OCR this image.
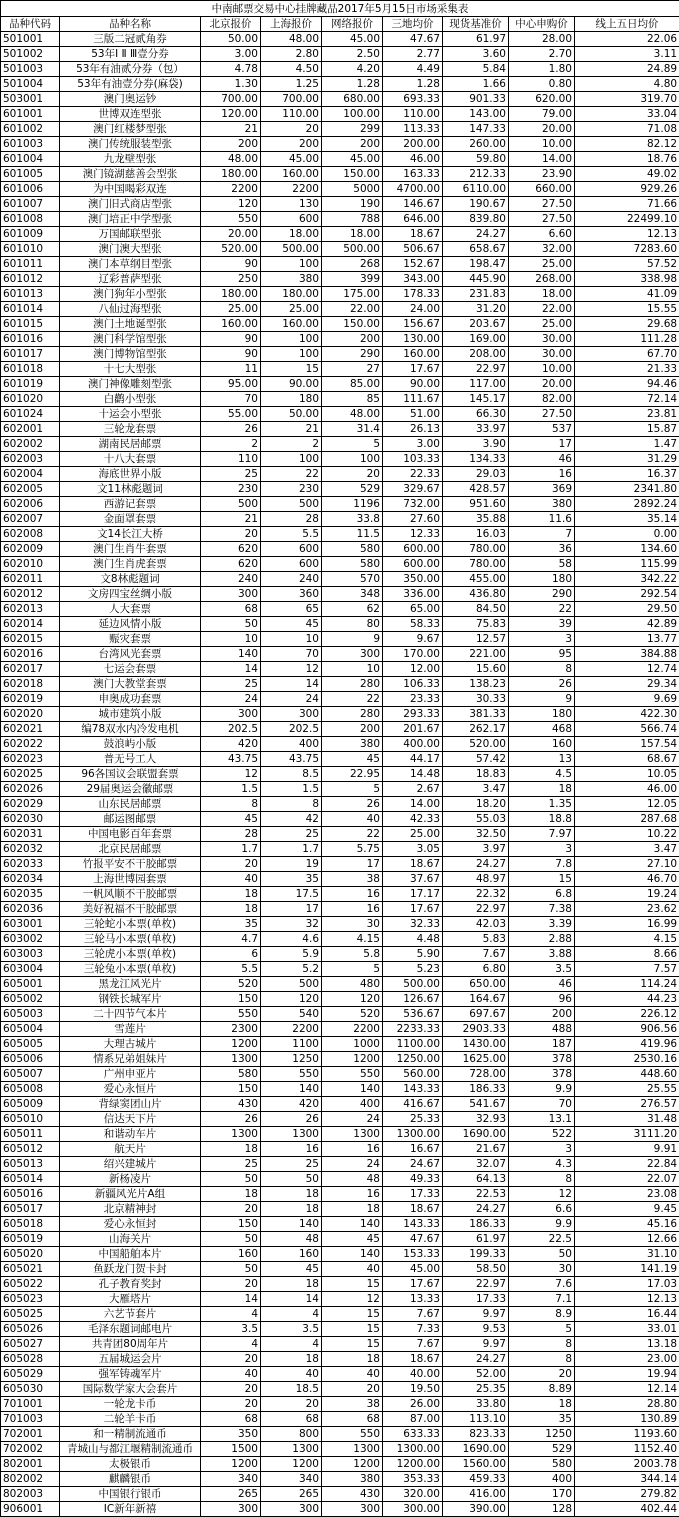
中南邮票交易中心挂牌藏品2017年5月15日市场采集表								
品种代码	品种名称	北京报价	上海报价	网络报价	三地均价	现货基准价	中心申购价	线上五日均价
501001	三版二冠贰角券	50.00	48.00	45.00	47.67	61.97	28.00	22.06
501002	53年Ⅰ Ⅱ Ⅲ壹分券	3.00	2.80	2.50	2.77	3.60	2.70	3.11
501003	53年有油贰分券（包）	4.78	4.50	4.20	4.49	5.84	1.80	24.89
501004	53年有油壹分券(麻袋)	1.30	1.25	1.28	1.28	1.66	0.80	4.80
503001	澳门奥运钞	700.00	700.00	680.00	693.33	901.33	620.00	319.70
601001	世博双连型张	120.00	110.00	100.00	110.00	143.00	79.00	33.04
601002	澳门红楼梦型张	21	20	299	113.33	147.33	20.00	71.08
601003	澳门传统服装型张	200	200	200	200.00	260.00	10.00	82.12
601004	九龙壁型张	48.00	45.00	45.00	46.00	59.80	14.00	18.76
601005	澳门镜湖慈善会型张	180.00	160.00	150.00	163.33	212.33	23.90	49.02
601006	为中国喝彩双连	2200	2200	5000	4700.00	6110.00	660.00	929.26
601007	澳门旧式商店型张	120	130	190	146.67	190.67	27.50	71.66
601008	澳门培正中学型张	550	600	788	646.00	839.80	27.50	22499.10
601009	万国邮联型张	20.00	18.00	18.00	18.67	24.27	6.60	12.13
601010	澳门澳大型张	520.00	500.00	500.00	506.67	658.67	32.00	7283.60
601011	澳门本草纲目型张	90	100	268	152.67	198.47	25.00	57.52
601012	辽彩普萨型张	250	380	399	343.00	445.90	268.00	338.98
601013	澳门狗年小型张	180.00	180.00	175.00	178.33	231.83	18.00	41.09
601014	八仙过海型张	25.00	25.00	22.00	24.00	31.20	22.00	15.55
601015	澳门土地诞型张	160.00	160.00	150.00	156.67	203.67	25.00	29.68
601016	澳门科学馆型张	90	100	200	130.00	169.00	30.00	111.28
601017	澳门博物馆型张	90	100	290	160.00	208.00	30.00	67.70
601018	十七大型张	11	15	27	17.67	22.97	10.00	21.33
601019	澳门神像雕刻型张	95.00	90.00	85.00	90.00	117.00	20.00	94.46
601020	白鹳小型张	70	180	85	111.67	145.17	82.00	72.14
601024	十运会小型张	55.00	50.00	48.00	51.00	66.30	27.50	23.81
602001	三轮龙套票	26	21	31.4	26.13	33.97	537	15.87
602002	湖南民居邮票	2	2	5	3.00	3.90	17	1.47
602003	十八大套票	110	100	100	103.33	134.33	46	31.29
602004	海底世界小版	25	22	20	22.33	29.03	16	16.37
602005	文11林彪题词	230	230	529	329.67	428.57	369	2341.80
602006	西游记套票	500	500	1196	732.00	951.60	380	2892.24
602007	金面罩套票	21	28	33.8	27.60	35.88	11.6	35.14
602008	文14长江大桥	20	5.5	11.5	12.33	16.03	7	0.00
602009	澳门生肖牛套票	620	600	580	600.00	780.00	36	134.60
602010	澳门生肖虎套票	620	600	580	600.00	780.00	58	115.99
602011	文8林彪题词	240	240	570	350.00	455.00	180	342.22
602012	文房四宝丝绸小版	300	360	348	336.00	436.80	290	292.54
602013	人大套票	68	65	62	65.00	84.50	22	29.50
602014	延边风情小版	50	45	80	58.33	75.83	39	42.89
602015	赈灾套票	10	10	9	9.67	12.57	3	13.77
602016	台湾风光套票	140	70	300	170.00	221.00	95	384.88
602017	七运会套票	14	12	10	12.00	15.60	8	12.74
602018	澳门大教堂套票	25	14	280	106.33	138.23	26	29.34
602019	申奥成功套票	24	24	22	23.33	30.33	9	9.69
602020	城市建筑小版	300	300	280	293.33	381.33	180	422.30
602021	编78双水内冷发电机	202.5	202.5	200	201.67	262.17	468	566.74
602022	鼓浪屿小版	420	400	380	400.00	520.00	160	157.54
602023	普无号工人	43.75	43.75	45	44.17	57.42	13	68.67
602025	96各国议会联盟套票	12	8.5	22.95	14.48	18.83	4.5	10.05
602026	29届奥运会徽邮票	1.5	1.5	5	2.67	3.47	18	46.00
602029	山东民居邮票	8	8	26	14.00	18.20	1.35	12.05
602030	邮运图邮票	45	42	40	42.33	55.03	18.8	287.68
602031	中国电影百年套票	28	25	22	25.00	32.50	7.97	10.22
602032	北京民居邮票	1.7	1.7	5.75	3.05	3.97	3	3.47
602033	竹报平安不干胶邮票	20	19	17	18.67	24.27	7.8	27.10
602034	上海世博园套票	40	35	38	37.67	48.97	15	46.70
602035	一帆风顺不干胶邮票	18	17.5	16	17.17	22.32	6.8	19.24
602036	美好祝福不干胶邮票	18	17	16	17.67	22.97	7.38	23.62
603001	三轮蛇小本票(单枚)	35	32	30	32.33	42.03	3.39	16.99
603002	三轮马小本票(单枚)	4.7	4.6	4.15	4.48	5.83	2.88	4.15
603003	三轮虎小本票(单枚)	6	5.9	5.8	5.90	7.67	3.88	8.66
603004	三轮兔小本票(单枚)	5.5	5.2	5	5.23	6.80	3.5	7.57
605001	黑龙江风光片	520	500	480	500.00	650.00	46	114.24
605002	钢铁长城军片	150	120	120	126.67	164.67	96	44.23
605003	二十四节气本片	550	540	520	536.67	697.67	200	226.12
605004	雪莲片	2300	2200	2200	2233.33	2903.33	488	906.56
605005	大理古城片	1200	1100	1000	1100.00	1430.00	187	419.96
605006	情系兄弟姐妹片	1300	1250	1200	1250.00	1625.00	378	2530.16
605007	广州申亚片	580	550	550	560.00	728.00	378	448.60
605008	爱心永恒片	150	140	140	143.33	186.33	9.9	25.55
605009	背绿窦团山片	430	420	400	416.67	541.67	70	276.57
605010	信达天下片	26	26	24	25.33	32.93	13.1	31.48
605011	和谐动车片	1300	1300	1300	1300.00	1690.00	522	3111.20
605012	航天片	18	16	16	16.67	21.67	3	9.91
605013	绍兴建城片	25	25	24	24.67	32.07	4.3	22.84
605014	新杨凌片	50	50	48	49.33	64.13	8	22.07
605016	新疆风光片A组	18	18	16	17.33	22.53	12	23.08
605017	北京精神封	20	18	18	18.67	24.27	6.6	9.45
605018	爱心永恒封	150	140	140	143.33	186.33	9.9	45.16
605019	山海关片	50	48	45	47.67	61.97	22.5	12.66
605020	中国船舶本片	160	160	140	153.33	199.33	50	31.10
605021	鱼跃龙门贺卡封	50	45	40	45.00	58.50	30	141.19
605022	孔子教育奖封	20	18	15	17.67	22.97	7.6	17.03
605023	大雁塔片	14	14	12	13.33	17.33	7.1	12.13
605025	六艺节套片	4	4	15	7.67	9.97	8.9	16.44
605026	毛泽东题词邮电片	3.5	3.5	15	7.33	9.53	5	33.01
605027	共青团80周年片	4	4	15	7.67	9.97	8	13.18
605028	五届城运会片	20	18	18	18.67	24.27	8	23.00
605029	强军铸魂军片	40	40	40	40.00	52.00	20	19.94
605030	国际数学家大会套片	20	18.5	20	19.50	25.35	8.89	12.14
701001	一轮龙卡币	20	20	38	26.00	33.80	18	28.80
701003	二轮羊卡币	68	68	68	87.00	113.10	35	130.89
702001	和一精制流通币	350	800	550	633.33	823.33	1250	1193.60
702002	青城山与都江堰精制流通币	1500	1300	1300	1300.00	1690.00	529	1152.40
802001	太极银币	1200	1200	1200	1200.00	1560.00	580	2003.78
802002	麒麟银币	340	340	380	353.33	459.33	400	344.14
802003	中国银行银币	265	265	430	320.00	416.00	170	279.82
906001	IC新年新禧	300	300	300	300.00	390.00	128	402.44
